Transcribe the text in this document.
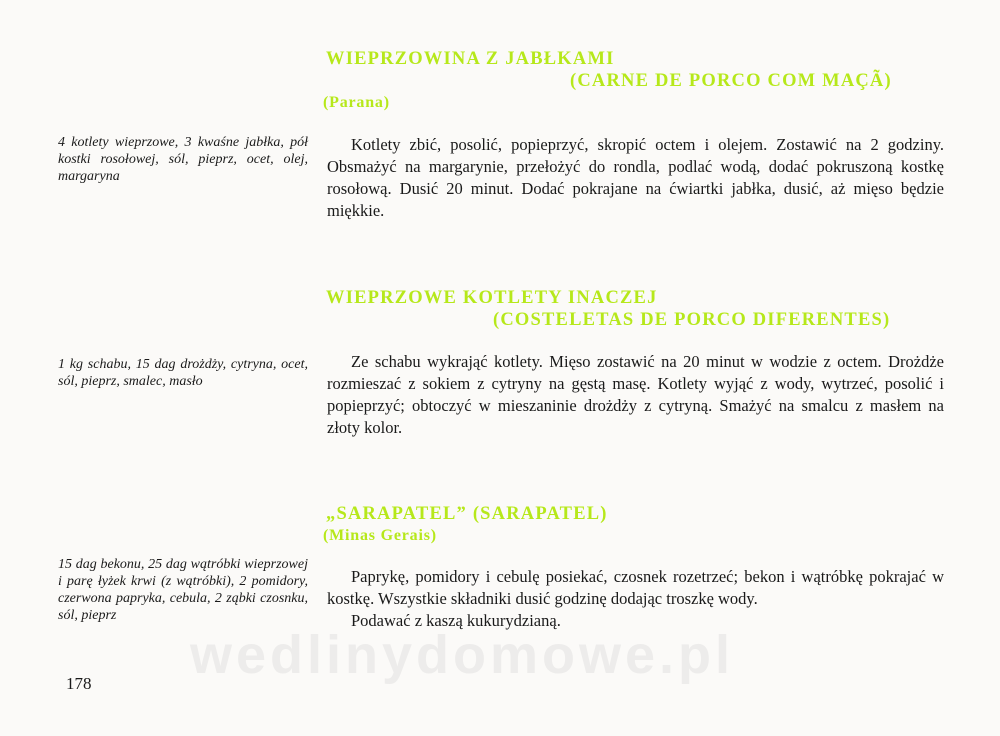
WIEPRZOWINA Z JABŁKAMI
(CARNE DE PORCO COM MAÇÃ)
(Parana)
4 kotlety wieprzowe, 3 kwaśne jabłka, pół kostki rosołowej, sól, pieprz, ocet, olej, margaryna

Kotlety zbić, posolić, popieprzyć, skropić octem i olejem. Zostawić na 2 godziny. Obsmażyć na margarynie, przełożyć do rondla, podlać wodą, dodać pokruszoną kostkę rosołową. Dusić 20 minut. Dodać pokrajane na ćwiartki jabłka, dusić, aż mięso będzie miękkie.

WIEPRZOWE KOTLETY INACZEJ
(COSTELETAS DE PORCO DIFERENTES)
1 kg schabu, 15 dag drożdży, cytryna, ocet, sól, pieprz, smalec, masło

Ze schabu wykrająć kotlety. Mięso zostawić na 20 minut w wodzie z octem. Drożdże rozmieszać z sokiem z cytryny na gęstą masę. Kotlety wyjąć z wody, wytrzeć, posolić i popieprzyć; obtoczyć w mieszaninie drożdży z cytryną. Smażyć na smalcu z masłem na złoty kolor.

„SARAPATEL” (SARAPATEL)
(Minas Gerais)
15 dag bekonu, 25 dag wątróbki wieprzowej i parę łyżek krwi (z wątróbki), 2 pomidory, czerwona papryka, cebula, 2 ząbki czosnku, sól, pieprz

Paprykę, pomidory i cebulę posiekać, czosnek rozetrzeć; bekon i wątróbkę pokrajać w kostkę. Wszystkie składniki dusić godzinę dodając troszkę wody.

Podawać z kaszą kukurydzianą.

wedlinydomowe.pl
178
